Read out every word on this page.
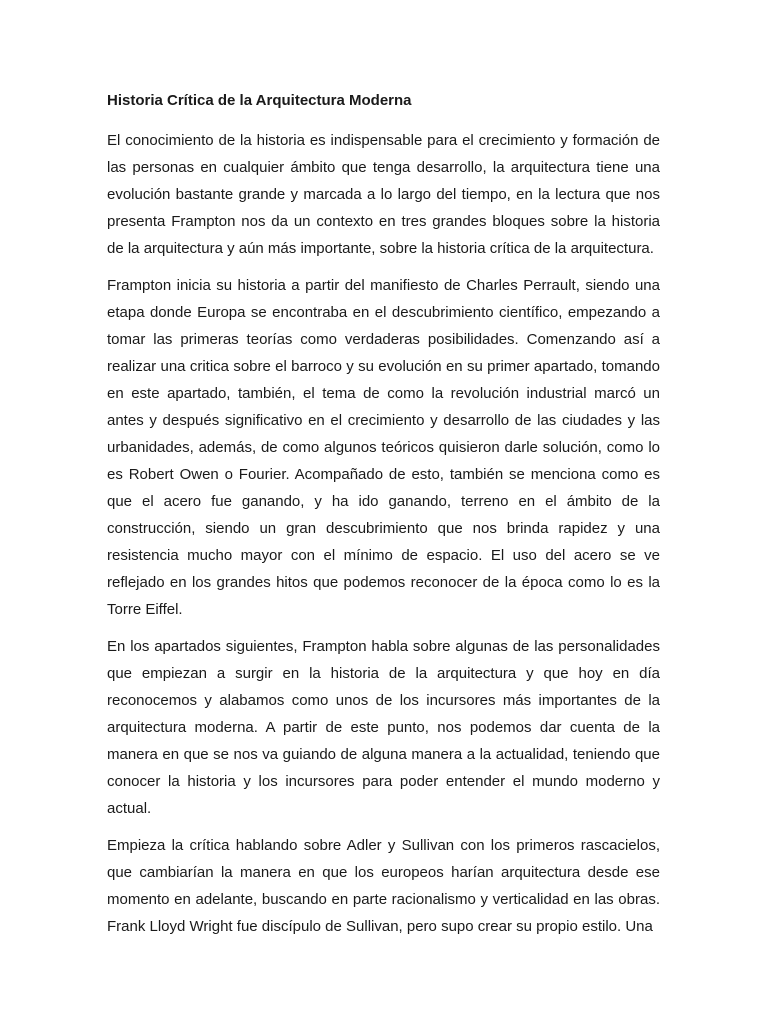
Historia Crítica de la Arquitectura Moderna

El conocimiento de la historia es indispensable para el crecimiento y formación de las personas en cualquier ámbito que tenga desarrollo, la arquitectura tiene una evolución bastante grande y marcada a lo largo del tiempo, en la lectura que nos presenta Frampton nos da un contexto en tres grandes bloques sobre la historia de la arquitectura y aún más importante, sobre la historia crítica de la arquitectura.

Frampton inicia su historia a partir del manifiesto de Charles Perrault, siendo una etapa donde Europa se encontraba en el descubrimiento científico, empezando a tomar las primeras teorías como verdaderas posibilidades. Comenzando así a realizar una critica sobre el barroco y su evolución en su primer apartado, tomando en este apartado, también, el tema de como la revolución industrial marcó un antes y después significativo en el crecimiento y desarrollo de las ciudades y las urbanidades, además, de como algunos teóricos quisieron darle solución, como lo es Robert Owen o Fourier. Acompañado de esto, también se menciona como es que el acero fue ganando, y ha ido ganando, terreno en el ámbito de la construcción, siendo un gran descubrimiento que nos brinda rapidez y una resistencia mucho mayor con el mínimo de espacio. El uso del acero se ve reflejado en los grandes hitos que podemos reconocer de la época como lo es la Torre Eiffel.

En los apartados siguientes, Frampton habla sobre algunas de las personalidades que empiezan a surgir en la historia de la arquitectura y que hoy en día reconocemos y alabamos como unos de los incursores más importantes de la arquitectura moderna. A partir de este punto, nos podemos dar cuenta de la manera en que se nos va guiando de alguna manera a la actualidad, teniendo que conocer la historia y los incursores para poder entender el mundo moderno y actual.

Empieza la crítica hablando sobre Adler y Sullivan con los primeros rascacielos, que cambiarían la manera en que los europeos harían arquitectura desde ese momento en adelante, buscando en parte racionalismo y verticalidad en las obras. Frank Lloyd Wright fue discípulo de Sullivan, pero supo crear su propio estilo. Una
